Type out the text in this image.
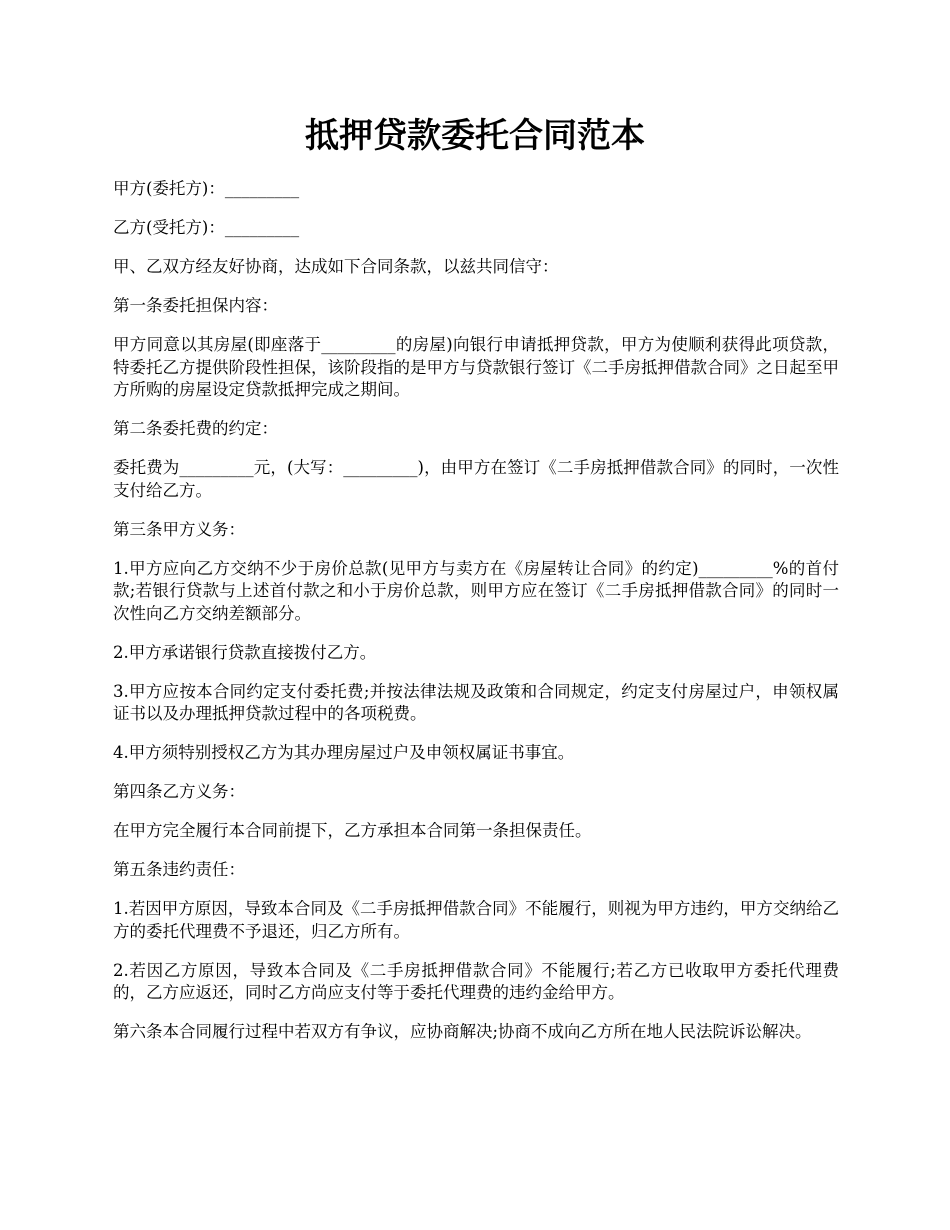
抵押贷款委托合同范本

甲方(委托方)：_________

乙方(受托方)：_________

甲、乙双方经友好协商，达成如下合同条款，以兹共同信守：

第一条委托担保内容：

甲方同意以其房屋(即座落于_________的房屋)向银行申请抵押贷款，甲方为使顺利获得此项贷款，特委托乙方提供阶段性担保，该阶段指的是甲方与贷款银行签订《二手房抵押借款合同》之日起至甲方所购的房屋设定贷款抵押完成之期间。

第二条委托费的约定：

委托费为_________元，(大写：_________)，由甲方在签订《二手房抵押借款合同》的同时，一次性支付给乙方。

第三条甲方义务：

1.甲方应向乙方交纳不少于房价总款(见甲方与卖方在《房屋转让合同》的约定)_________%的首付款;若银行贷款与上述首付款之和小于房价总款，则甲方应在签订《二手房抵押借款合同》的同时一次性向乙方交纳差额部分。

2.甲方承诺银行贷款直接拨付乙方。

3.甲方应按本合同约定支付委托费;并按法律法规及政策和合同规定，约定支付房屋过户，申领权属证书以及办理抵押贷款过程中的各项税费。

4.甲方须特别授权乙方为其办理房屋过户及申领权属证书事宜。

第四条乙方义务：

在甲方完全履行本合同前提下，乙方承担本合同第一条担保责任。

第五条违约责任：

1.若因甲方原因，导致本合同及《二手房抵押借款合同》不能履行，则视为甲方违约，甲方交纳给乙方的委托代理费不予退还，归乙方所有。

2.若因乙方原因，导致本合同及《二手房抵押借款合同》不能履行;若乙方已收取甲方委托代理费的，乙方应返还，同时乙方尚应支付等于委托代理费的违约金给甲方。

第六条本合同履行过程中若双方有争议，应协商解决;协商不成向乙方所在地人民法院诉讼解决。
